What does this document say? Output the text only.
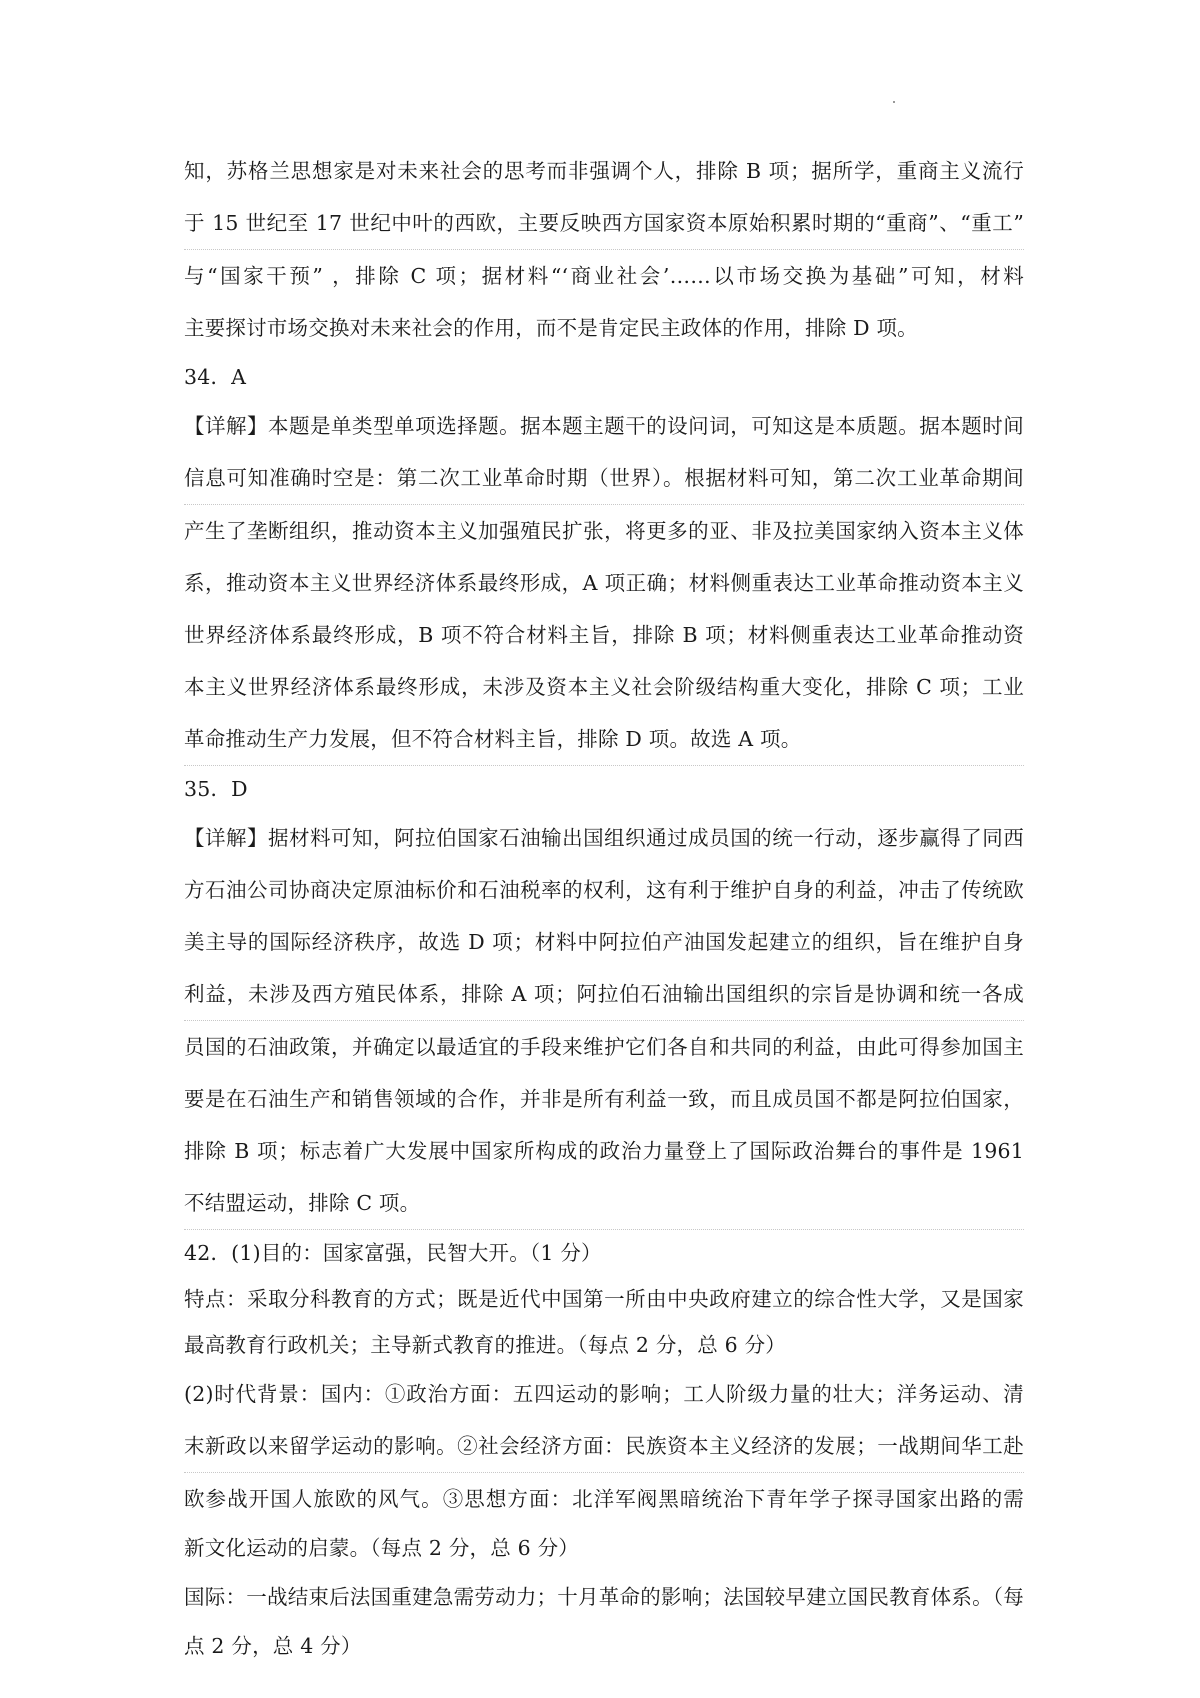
知，苏格兰思想家是对未来社会的思考而非强调个人，排除 B 项；据所学，重商主义流行
于 15 世纪至 17 世纪中叶的西欧，主要反映西方国家资本原始积累时期的“重商”、“重工”
与“国家干预” ，排除 C 项；据材料“‘商业社会’……以市场交换为基础”可知，材料
主要探讨市场交换对未来社会的作用，而不是肯定民主政体的作用，排除 D 项。
34．A
【详解】本题是单类型单项选择题。据本题主题干的设问词，可知这是本质题。据本题时间
信息可知准确时空是：第二次工业革命时期（世界）。根据材料可知，第二次工业革命期间
产生了垄断组织，推动资本主义加强殖民扩张，将更多的亚、非及拉美国家纳入资本主义体
系，推动资本主义世界经济体系最终形成，A 项正确；材料侧重表达工业革命推动资本主义
世界经济体系最终形成，B 项不符合材料主旨，排除 B 项；材料侧重表达工业革命推动资
本主义世界经济体系最终形成，未涉及资本主义社会阶级结构重大变化，排除 C 项；工业
革命推动生产力发展，但不符合材料主旨，排除 D 项。故选 A 项。
35．D
【详解】据材料可知，阿拉伯国家石油输出国组织通过成员国的统一行动，逐步赢得了同西
方石油公司协商决定原油标价和石油税率的权利，这有利于维护自身的利益，冲击了传统欧
美主导的国际经济秩序，故选 D 项；材料中阿拉伯产油国发起建立的组织，旨在维护自身
利益，未涉及西方殖民体系，排除 A 项；阿拉伯石油输出国组织的宗旨是协调和统一各成
员国的石油政策，并确定以最适宜的手段来维护它们各自和共同的利益，由此可得参加国主
要是在石油生产和销售领域的合作，并非是所有利益一致，而且成员国不都是阿拉伯国家，
排除 B 项；标志着广大发展中国家所构成的政治力量登上了国际政治舞台的事件是 1961
不结盟运动，排除 C 项。
42．(1)目的：国家富强，民智大开。（1 分）
特点：采取分科教育的方式；既是近代中国第一所由中央政府建立的综合性大学，又是国家
最高教育行政机关；主导新式教育的推进。（每点 2 分，总 6 分）
(2)时代背景：国内：①政治方面：五四运动的影响；工人阶级力量的壮大；洋务运动、清
末新政以来留学运动的影响。②社会经济方面：民族资本主义经济的发展；一战期间华工赴
欧参战开国人旅欧的风气。③思想方面：北洋军阀黑暗统治下青年学子探寻国家出路的需
新文化运动的启蒙。（每点 2 分，总 6 分）
国际：一战结束后法国重建急需劳动力；十月革命的影响；法国较早建立国民教育体系。（每
点 2 分，总 4 分）
